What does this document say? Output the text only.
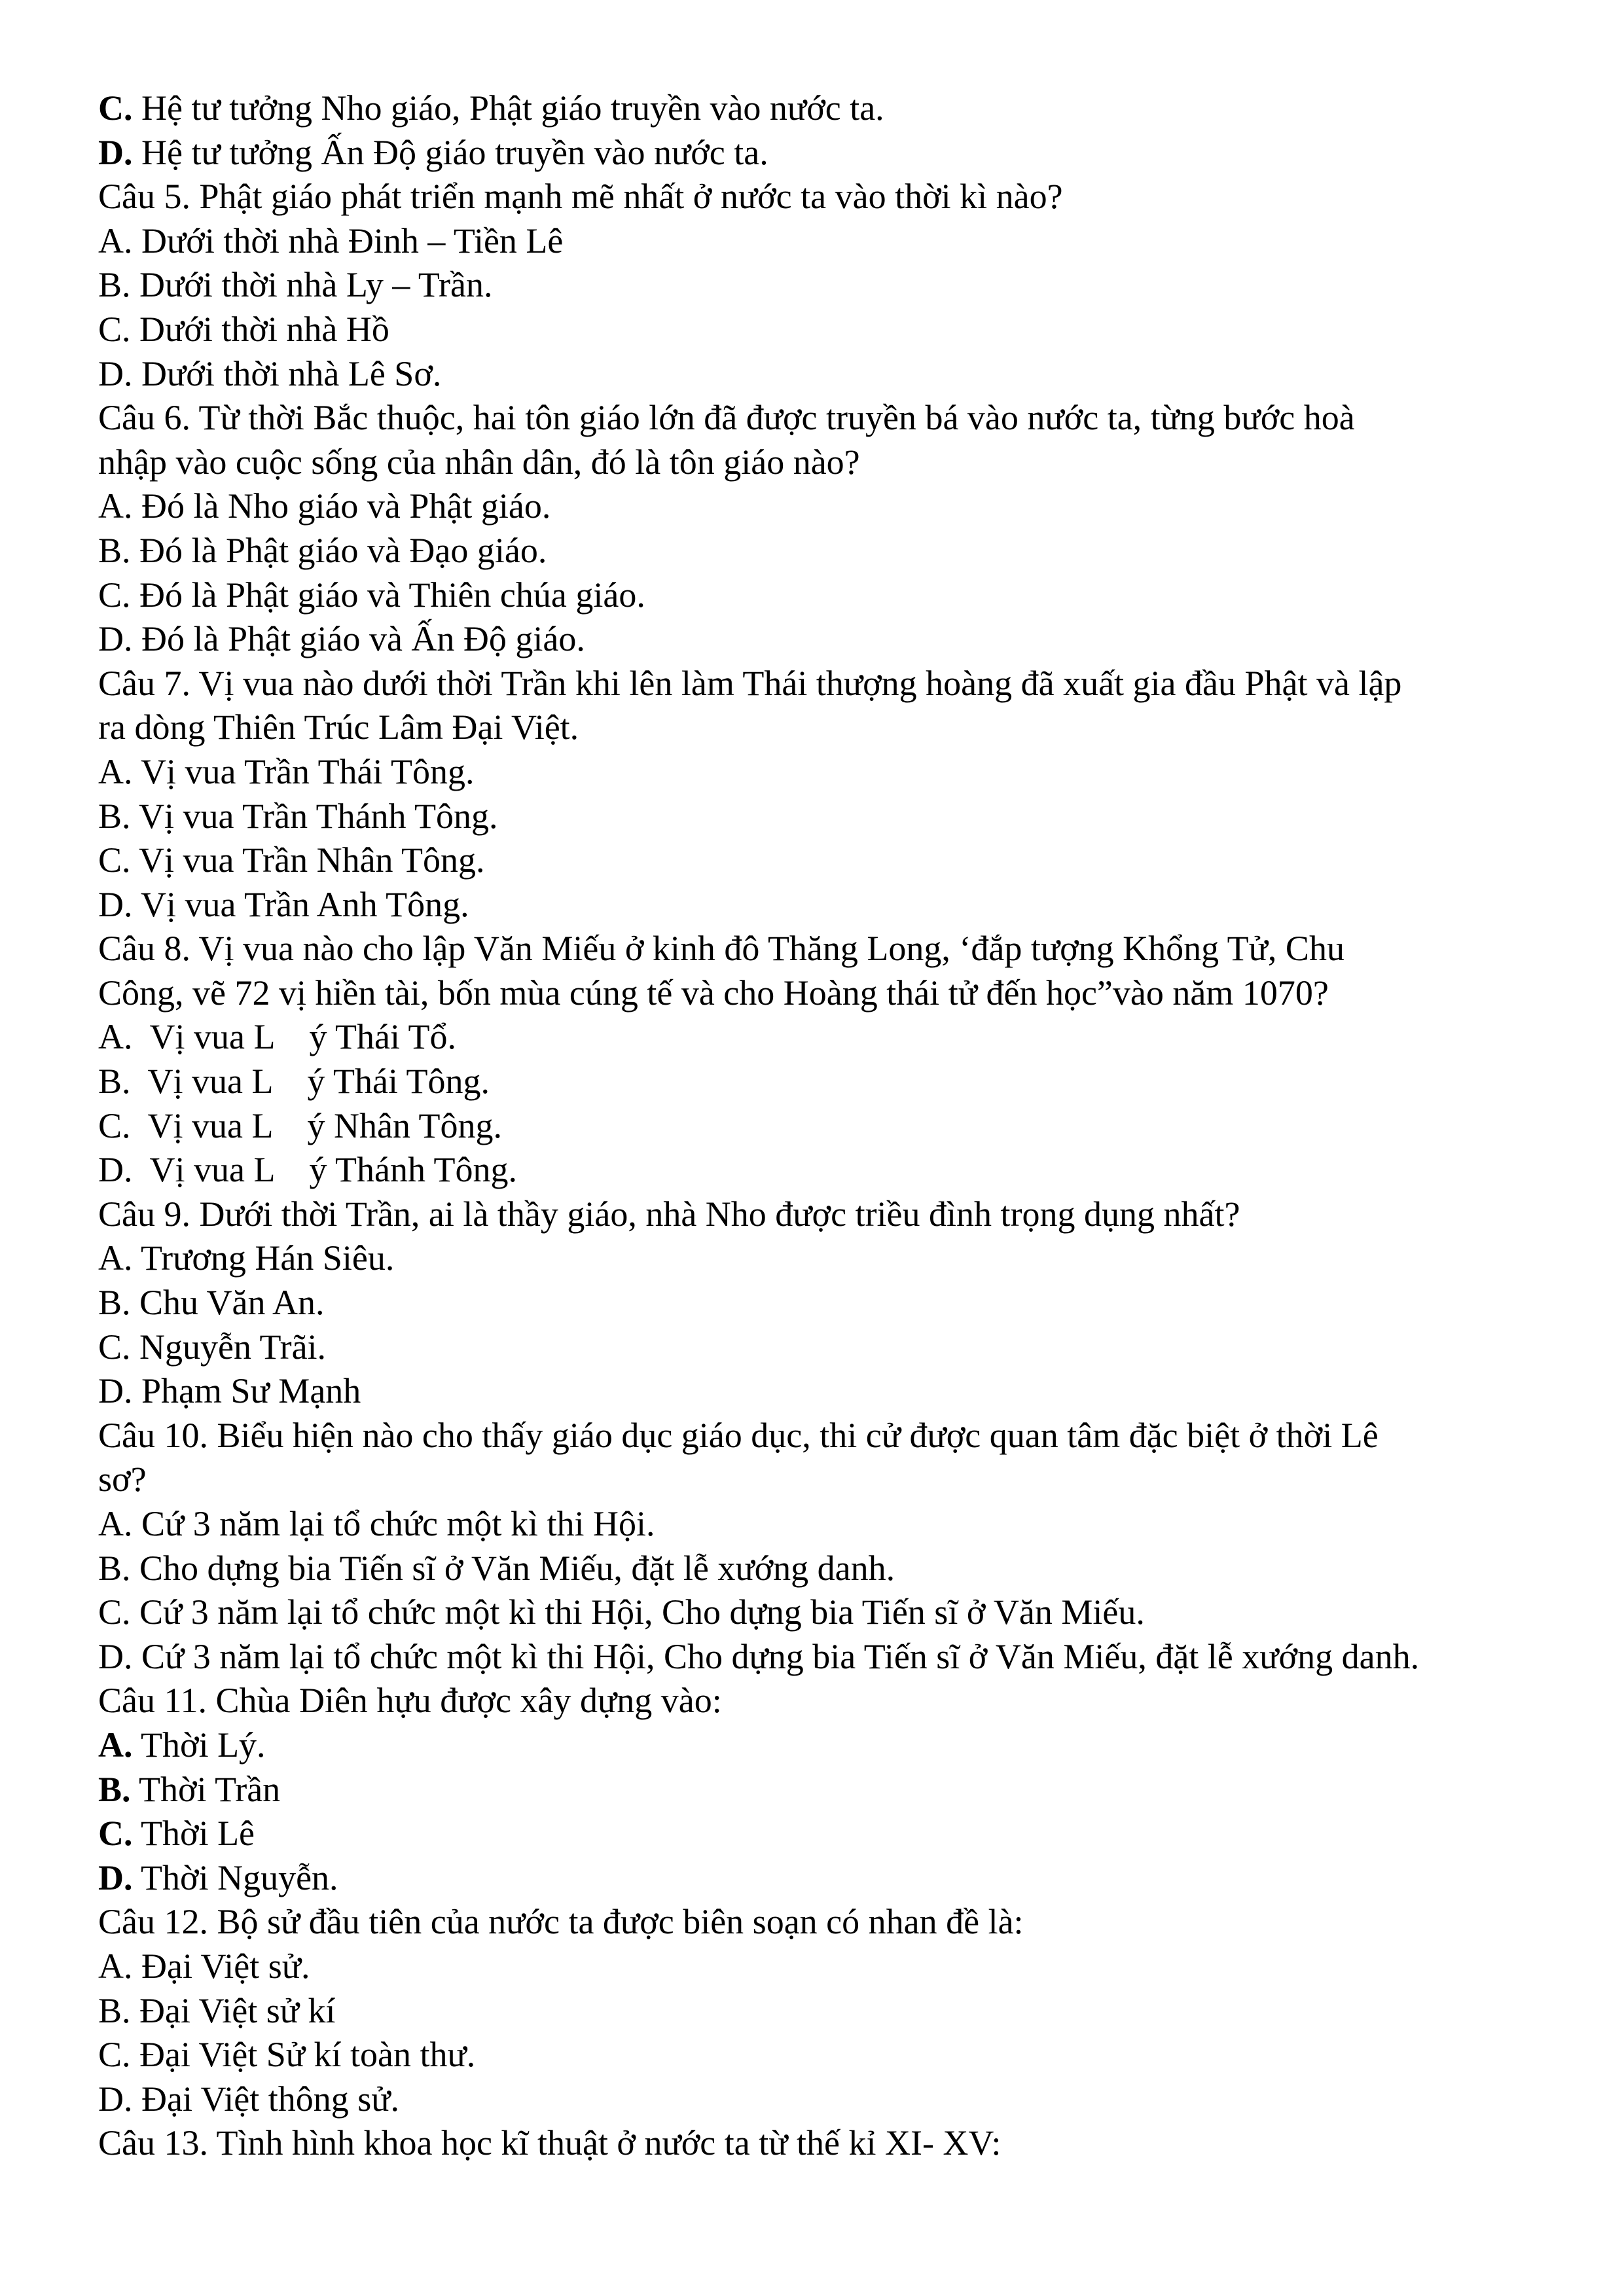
C. Hệ tư tưởng Nho giáo, Phật giáo truyền vào nước ta.
D. Hệ tư tưởng Ấn Độ giáo truyền vào nước ta.
Câu 5. Phật giáo phát triển mạnh mẽ nhất ở nước ta vào thời kì nào?
A. Dưới thời nhà Đinh – Tiền Lê
B. Dưới thời nhà Ly – Trần.
C. Dưới thời nhà Hồ
D. Dưới thời nhà Lê Sơ.
Câu 6. Từ thời Bắc thuộc, hai tôn giáo lớn đã được truyền bá vào nước ta, từng bước hoà
nhập vào cuộc sống của nhân dân, đó là tôn giáo nào?
A. Đó là Nho giáo và Phật giáo.
B. Đó là Phật giáo và Đạo giáo.
C. Đó là Phật giáo và Thiên chúa giáo.
D. Đó là Phật giáo và Ấn Độ giáo.
Câu 7. Vị vua nào dưới thời Trần khi lên làm Thái thượng hoàng đã xuất gia đầu Phật và lập
ra dòng Thiên Trúc Lâm Đại Việt.
A. Vị vua Trần Thái Tông.
B. Vị vua Trần Thánh Tông.
C. Vị vua Trần Nhân Tông.
D. Vị vua Trần Anh Tông.
Câu 8. Vị vua nào cho lập Văn Miếu ở kinh đô Thăng Long, ‘đắp tượng Khổng Tử, Chu
Công, vẽ 72 vị hiền tài, bốn mùa cúng tế và cho Hoàng thái tử đến học”vào năm 1070?
A.  Vị vua L    ý Thái Tổ.
B.  Vị vua L    ý Thái Tông.
C.  Vị vua L    ý Nhân Tông.
D.  Vị vua L    ý Thánh Tông.
Câu 9. Dưới thời Trần, ai là thầy giáo, nhà Nho được triều đình trọng dụng nhất?
A. Trương Hán Siêu.
B. Chu Văn An.
C. Nguyễn Trãi.
D. Phạm Sư Mạnh
Câu 10. Biểu hiện nào cho thấy giáo dục giáo dục, thi cử được quan tâm đặc biệt ở thời Lê
sơ?
A. Cứ 3 năm lại tổ chức một kì thi Hội.
B. Cho dựng bia Tiến sĩ ở Văn Miếu, đặt lễ xướng danh.
C. Cứ 3 năm lại tổ chức một kì thi Hội, Cho dựng bia Tiến sĩ ở Văn Miếu.
D. Cứ 3 năm lại tổ chức một kì thi Hội, Cho dựng bia Tiến sĩ ở Văn Miếu, đặt lễ xướng danh.
Câu 11. Chùa Diên hựu được xây dựng vào:
A. Thời Lý.
B. Thời Trần
C. Thời Lê
D. Thời Nguyễn.
Câu 12. Bộ sử đầu tiên của nước ta được biên soạn có nhan đề là:
A. Đại Việt sử.
B. Đại Việt sử kí
C. Đại Việt Sử kí toàn thư.
D. Đại Việt thông sử.
Câu 13. Tình hình khoa học kĩ thuật ở nước ta từ thế kỉ XI- XV:
